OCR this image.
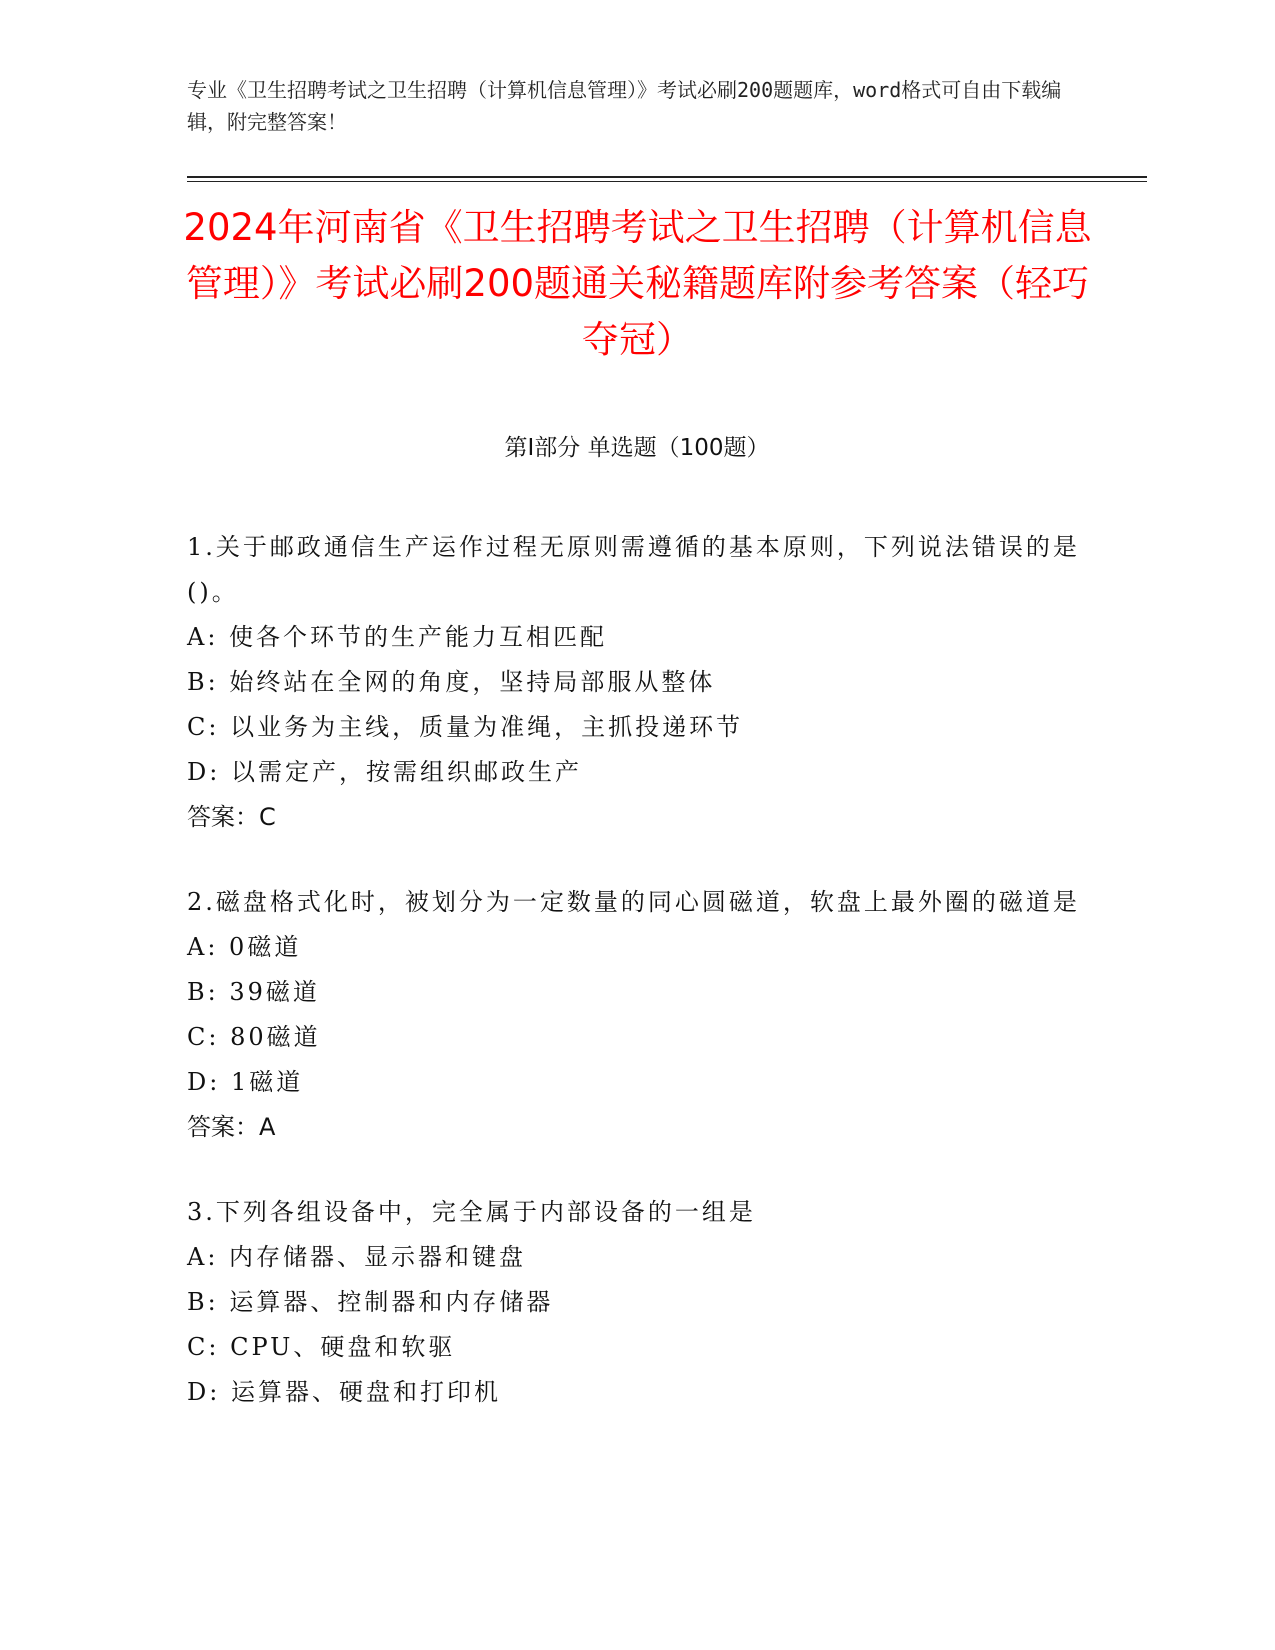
专业《卫生招聘考试之卫生招聘（计算机信息管理）》考试必刷200题题库，word格式可自由下载编辑，附完整答案！
2024年河南省《卫生招聘考试之卫生招聘（计算机信息管理）》考试必刷200题通关秘籍题库附参考答案（轻巧夺冠）
第Ⅰ部分 单选题（100题）
1.关于邮政通信生产运作过程无原则需遵循的基本原则，下列说法错误的是()。
A: 使各个环节的生产能力互相匹配
B: 始终站在全网的角度，坚持局部服从整体
C: 以业务为主线，质量为准绳，主抓投递环节
D: 以需定产，按需组织邮政生产
答案：C
2.磁盘格式化时，被划分为一定数量的同心圆磁道，软盘上最外圈的磁道是
A: 0磁道
B: 39磁道
C: 80磁道
D: 1磁道
答案：A
3.下列各组设备中，完全属于内部设备的一组是
A: 内存储器、显示器和键盘
B: 运算器、控制器和内存储器
C: CPU、硬盘和软驱
D: 运算器、硬盘和打印机
